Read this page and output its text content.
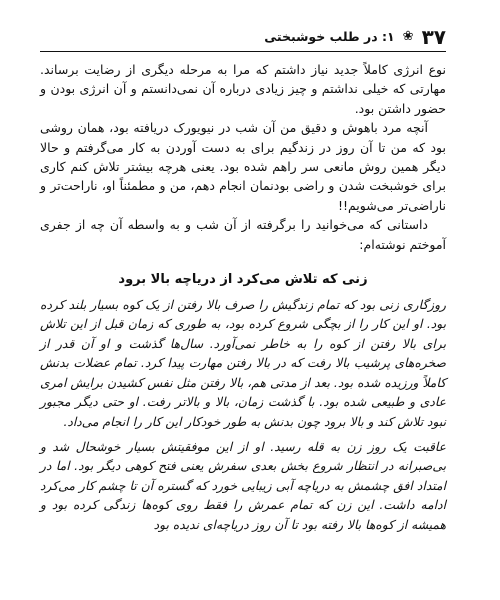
۳۷
❀
۱: در طلب خوشبختی

نوع انرژی کاملاً جدید نیاز داشتم که مرا به مرحله دیگری از رضایت برساند. مهارتی که خیلی نداشتم و چیز زیادی درباره آن نمی‌دانستم و آن انرژی بودن و حضور داشتن بود.

آنچه مرد باهوش و دقیق من آن شب در نیویورک دریافته بود، همان روشی بود که من تا آن روز در زندگیم برای به دست آوردن به کار می‌گرفتم و حالا دیگر همین روش مانعی سر راهم شده بود. یعنی هرچه بیشتر تلاش کنم کاری برای خوشبخت شدن و راضی بودنمان انجام دهم، من و مطمئناً او، ناراحت‌تر و ناراضی‌تر می‌شویم!!

داستانی که می‌خوانید را برگرفته از آن شب و به واسطه آن چه از جفری آموختم نوشته‌ام:

زنی که تلاش می‌کرد از دریاچه بالا برود

روزگاری زنی بود که تمام زندگیش را صرف بالا رفتن از یک کوه بسیار بلند کرده بود. او این کار را از بچگی شروع کرده بود، به طوری که زمان قبل از این تلاش برای بالا رفتن از کوه را به خاطر نمی‌آورد. سال‌ها گذشت و او آن قدر از صخره‌های پرشیب بالا رفت که در بالا رفتن مهارت پیدا کرد. تمام عضلات بدنش کاملاً ورزیده شده بود. بعد از مدتی هم، بالا رفتن مثل نفس کشیدن برایش امری عادی و طبیعی شده بود. با گذشت زمان، بالا و بالاتر رفت. او حتی دیگر مجبور نبود تلاش کند و بالا برود چون بدنش به طور خودکار این کار را انجام می‌داد.

عاقبت یک روز زن به قله رسید. او از این موفقیتش بسیار خوشحال شد و بی‌صبرانه در انتظار شروع بخش بعدی سفرش یعنی فتح کوهی دیگر بود. اما در امتداد افق چشمش به دریاچه آبی زیبایی خورد که گستره آن تا چشم کار می‌کرد ادامه داشت. این زن که تمام عمرش را فقط روی کوه‌ها زندگی کرده بود و همیشه از کوه‌ها بالا رفته بود تا آن روز دریاچه‌ای ندیده بود
